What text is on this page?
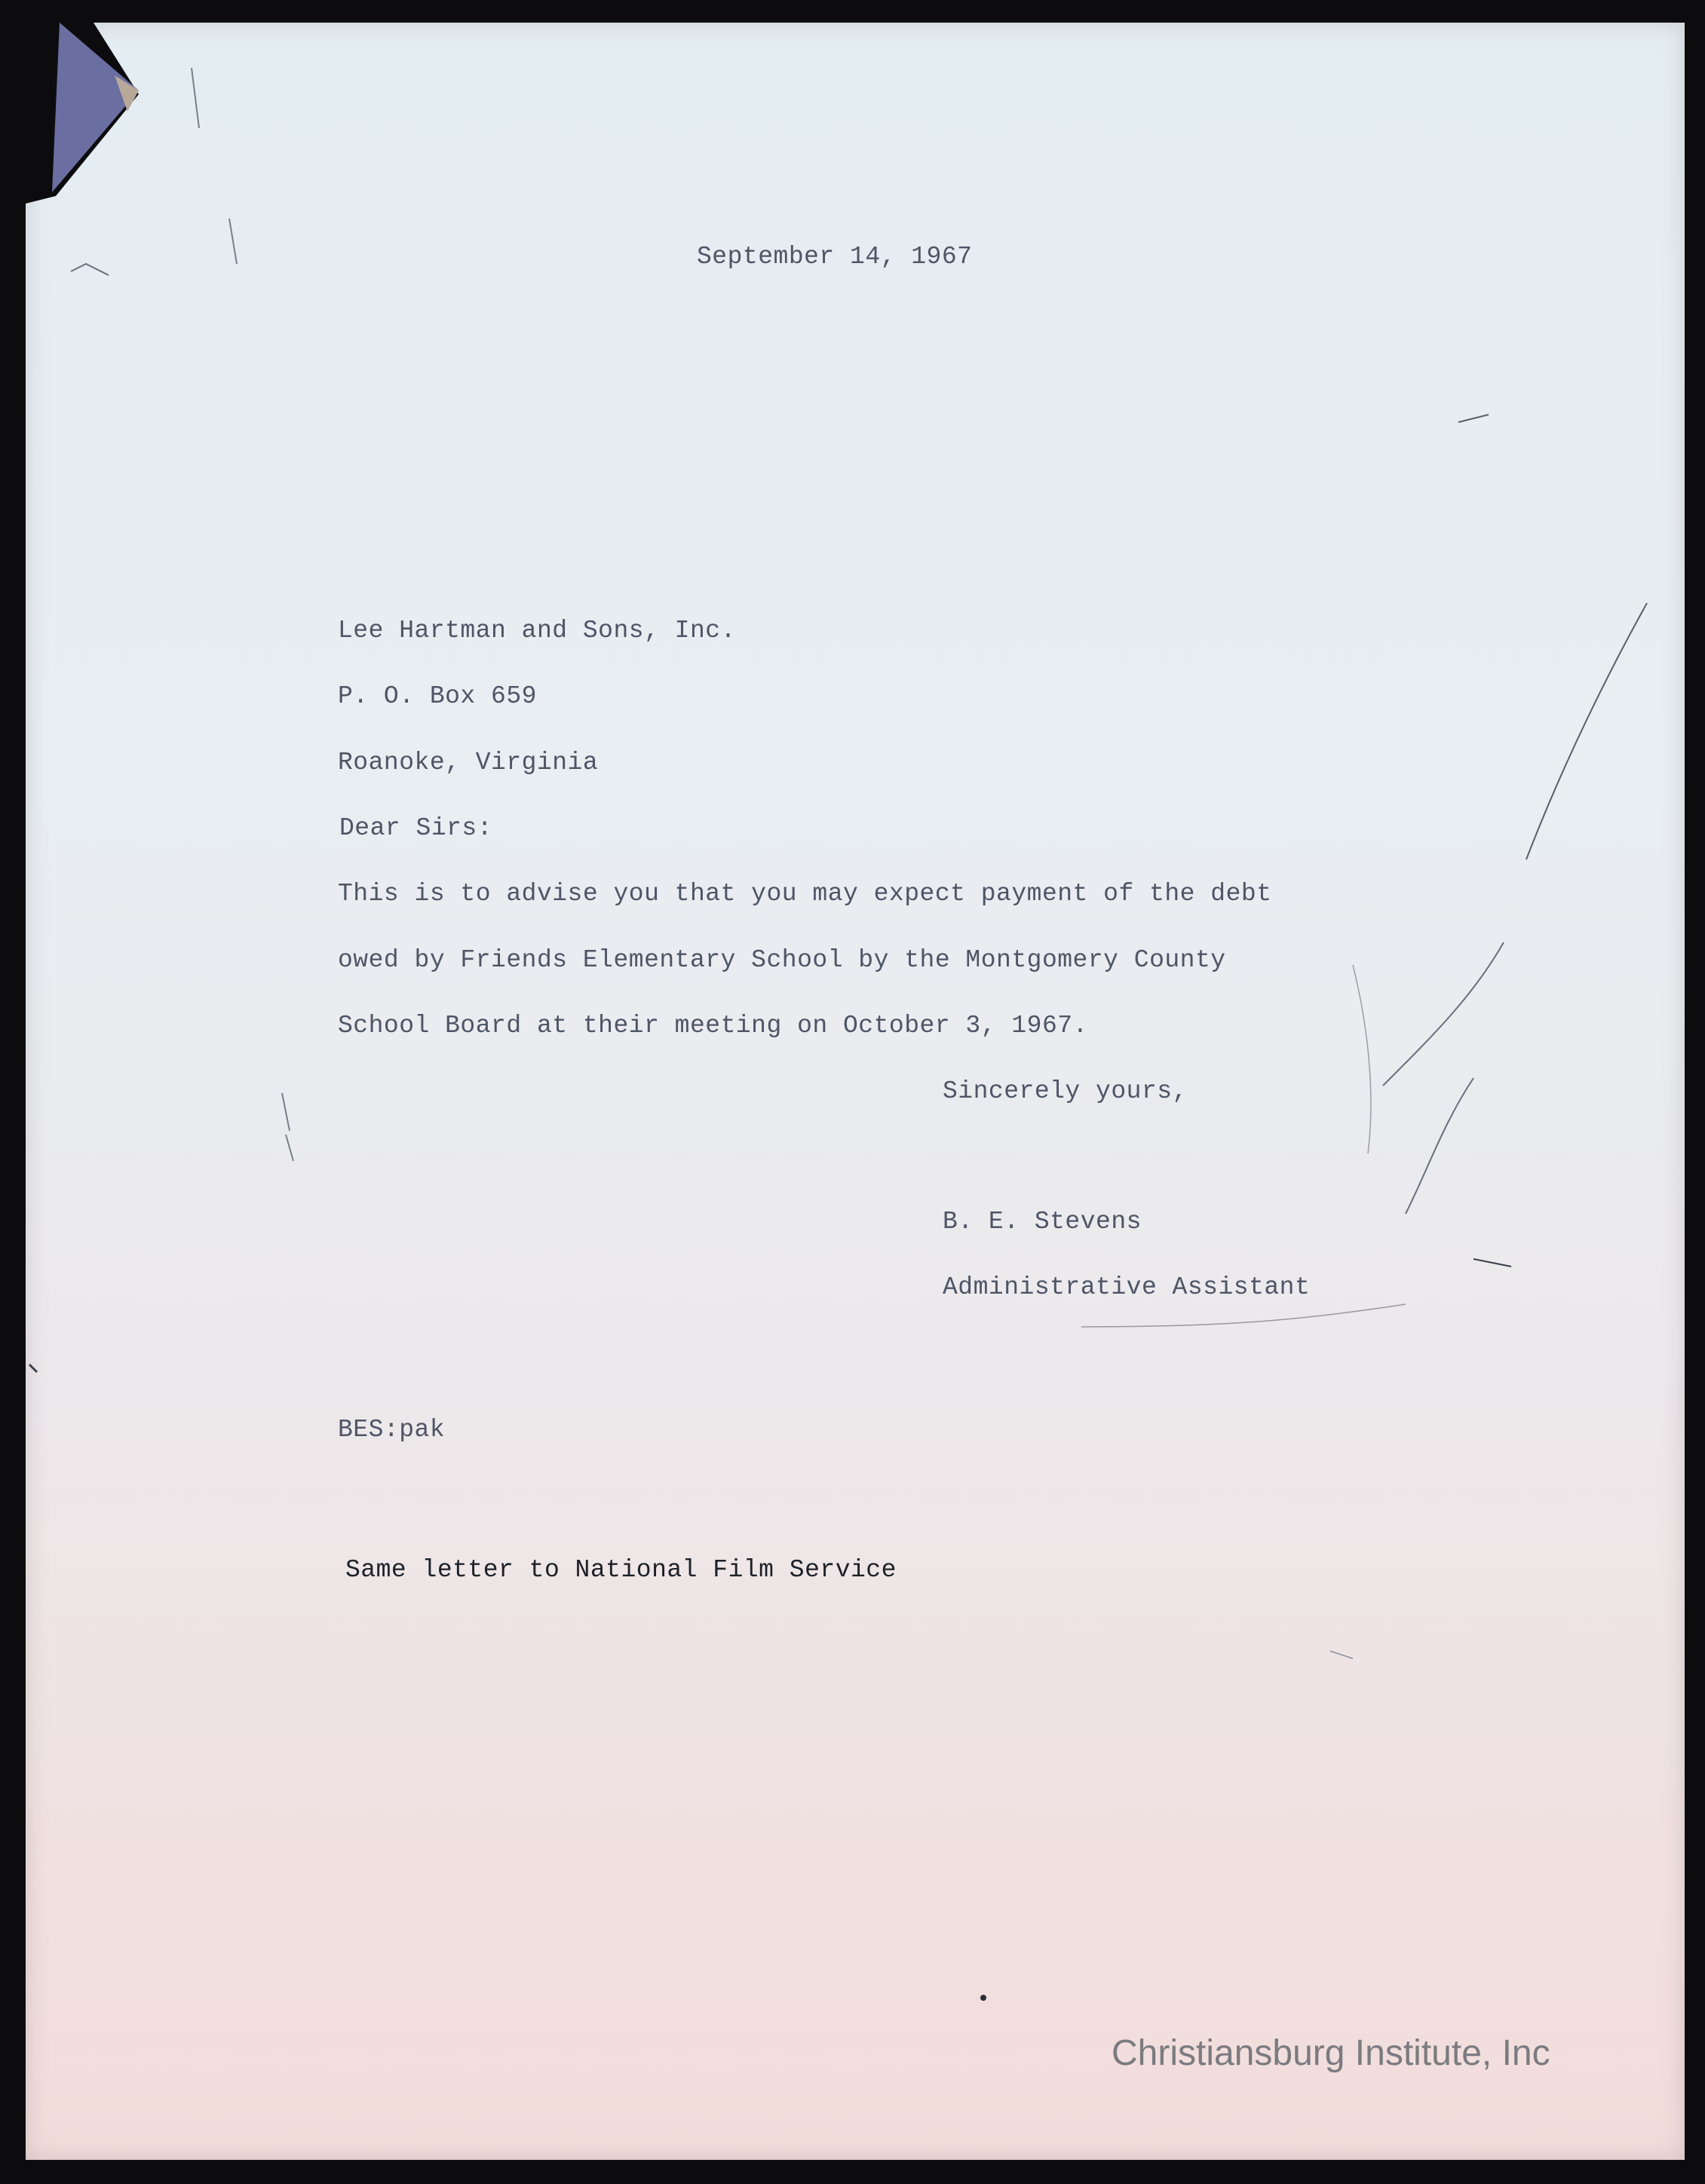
September 14, 1967

Lee Hartman and Sons, Inc.

P. O. Box 659

Roanoke, Virginia

Dear Sirs:

This is to advise you that you may expect payment of the debt

owed by Friends Elementary School by the Montgomery County

School Board at their meeting on October 3, 1967.

Sincerely yours,

B. E. Stevens

Administrative Assistant

BES:pak

Same letter to National Film Service

Christiansburg Institute, Inc
